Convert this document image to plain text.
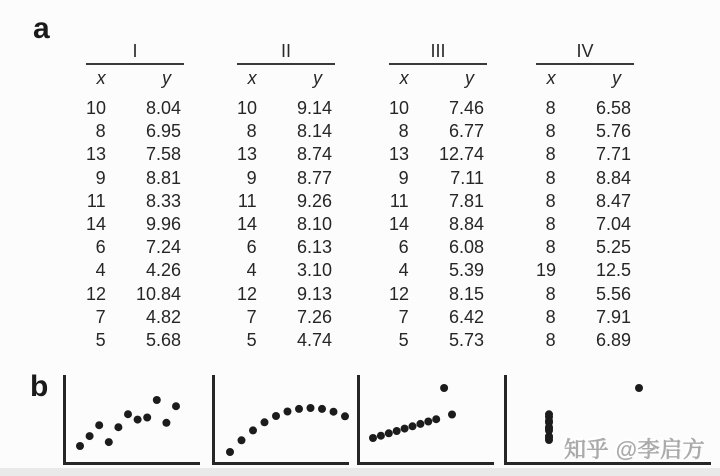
a
I
x	y
10	8.04
8	6.95
13	7.58
9	8.81
11	8.33
14	9.96
6	7.24
4	4.26
12	10.84
7	4.82
5	5.68
II
x	y
10	9.14
8	8.14
13	8.74
9	8.77
11	9.26
14	8.10
6	6.13
4	3.10
12	9.13
7	7.26
5	4.74
III
x	y
10	7.46
8	6.77
13	12.74
9	7.11
11	7.81
14	8.84
6	6.08
4	5.39
12	8.15
7	6.42
5	5.73
IV
x	y
8	6.58
8	5.76
8	7.71
8	8.84
8	8.47
8	7.04
8	5.25
19	12.5
8	5.56
8	7.91
8	6.89
b
知乎 @李启方
